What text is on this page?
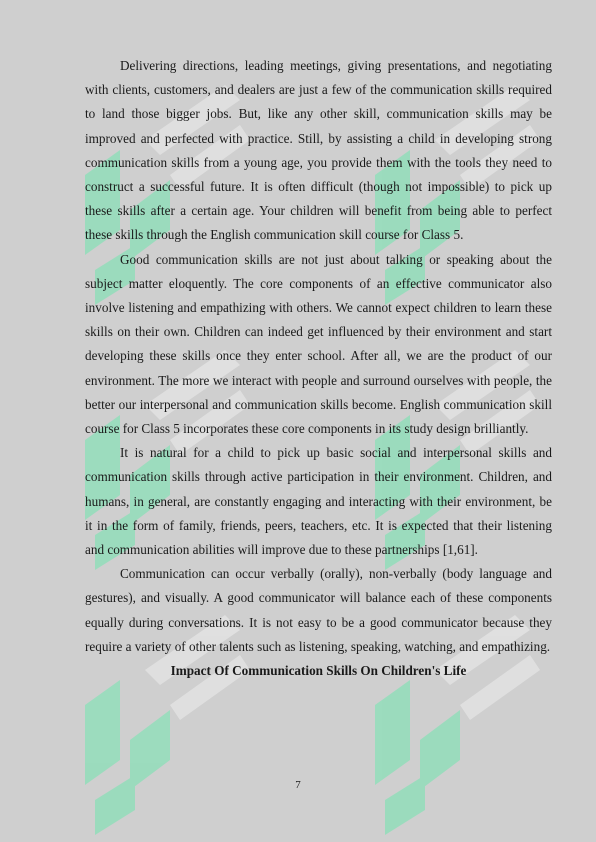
Delivering directions, leading meetings, giving presentations, and negotiating with clients, customers, and dealers are just a few of the communication skills required to land those bigger jobs. But, like any other skill, communication skills may be improved and perfected with practice. Still, by assisting a child in developing strong communication skills from a young age, you provide them with the tools they need to construct a successful future. It is often difficult (though not impossible) to pick up these skills after a certain age. Your children will benefit from being able to perfect these skills through the English communication skill course for Class 5.

Good communication skills are not just about talking or speaking about the subject matter eloquently. The core components of an effective communicator also involve listening and empathizing with others. We cannot expect children to learn these skills on their own. Children can indeed get influenced by their environment and start developing these skills once they enter school. After all, we are the product of our environment. The more we interact with people and surround ourselves with people, the better our interpersonal and communication skills become. English communication skill course for Class 5 incorporates these core components in its study design brilliantly.

It is natural for a child to pick up basic social and interpersonal skills and communication skills through active participation in their environment. Children, and humans, in general, are constantly engaging and interacting with their environment, be it in the form of family, friends, peers, teachers, etc. It is expected that their listening and communication abilities will improve due to these partnerships [1,61].

Communication can occur verbally (orally), non-verbally (body language and gestures), and visually. A good communicator will balance each of these components equally during conversations. It is not easy to be a good communicator because they require a variety of other talents such as listening, speaking, watching, and empathizing.

Impact Of Communication Skills On Children's Life

7
